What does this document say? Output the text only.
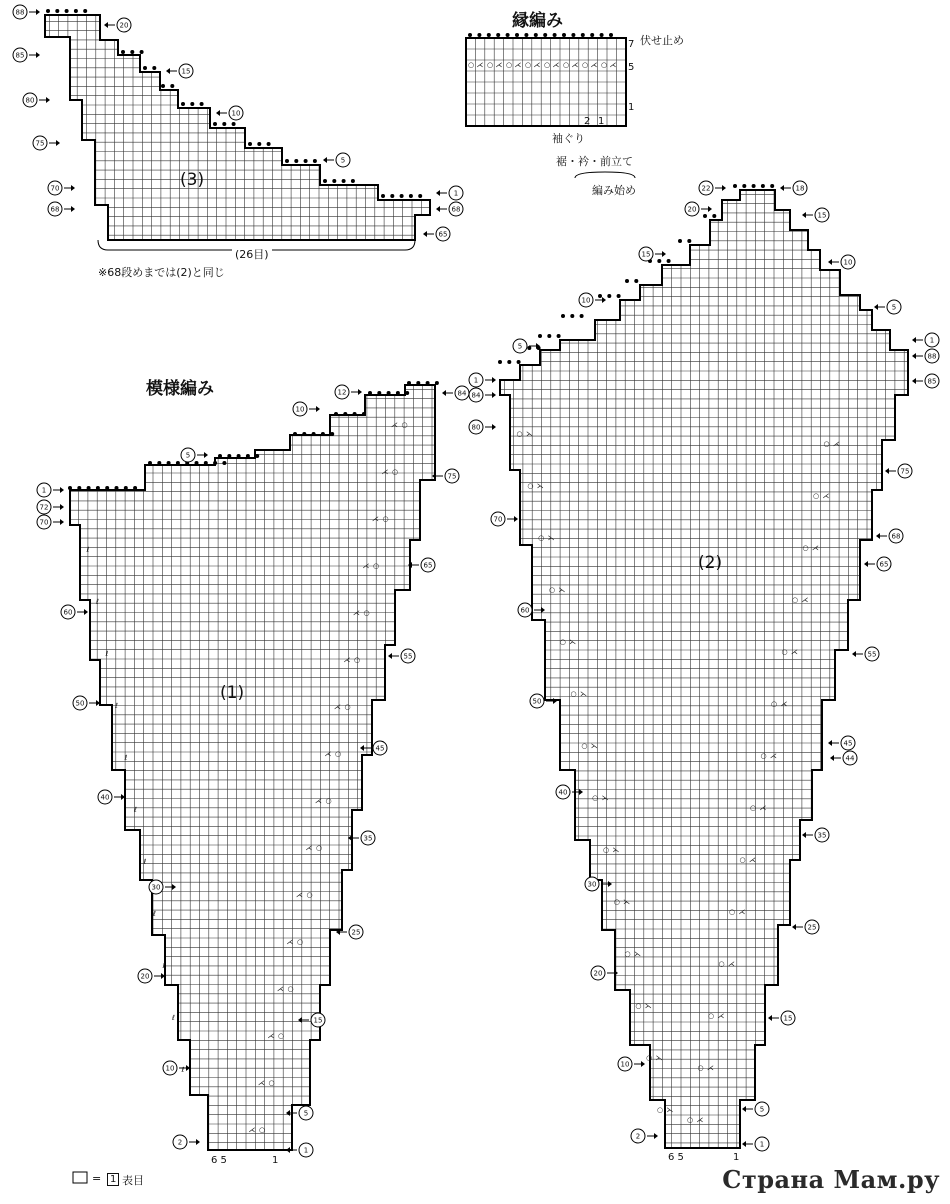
○
⋌
○
⋌
○
⋌
○
⋌
○
⋌
○
⋌
○
⋌
○
⋌
○
⋌
○
⋌
○
⋌
○
⋌
○
⋌
○
⋌
○
⋌
○
⋌
ℓ
ℓ
ℓ
ℓ
ℓ
ℓ
ℓ
ℓ
ℓ
ℓ
ℓ
○ ⋌
○ ⋌
○ ⋌
○ ⋌
○ ⋌
○ ⋌
○ ⋌
○ ⋌
○ ⋌
○ ⋌
○ ⋌
○ ⋌
○ ⋌
○ ⋌
○ ⋋
○ ⋋
○ ⋋
○ ⋋
○ ⋋
○ ⋋
○ ⋋
○ ⋋
○ ⋋
○ ⋋
○ ⋋
○ ⋋
○ ⋋
○ ⋋
○ ⋌ ○ ⋌ ○ ⋌ ○ ⋌ ○ ⋌ ○ ⋌ ○ ⋌ ○ ⋌
1
5
15
25
35
45
55
65
75
84
5
10
12
2
10
20
30
40
50
60
70
72
1
1
5
15
25
35
44
45
55
65
68
75
85
88
1
18
15
10
5
22
20
15
10
5
2
10
20
30
40
50
60
70
80
84
1
20
15
10
5
1
68
65
88
85
80
75
70
68
模様編み
縁編み
(1)
(2)
(3)
(26目)
※68段めまでは(2)と同じ
伏せ止め
袖ぐり
裾・衿・前立て
編み始め
7
5
1
2 1
6 5	1	6 5	1
= 1 表目	Страна Мам.ру
